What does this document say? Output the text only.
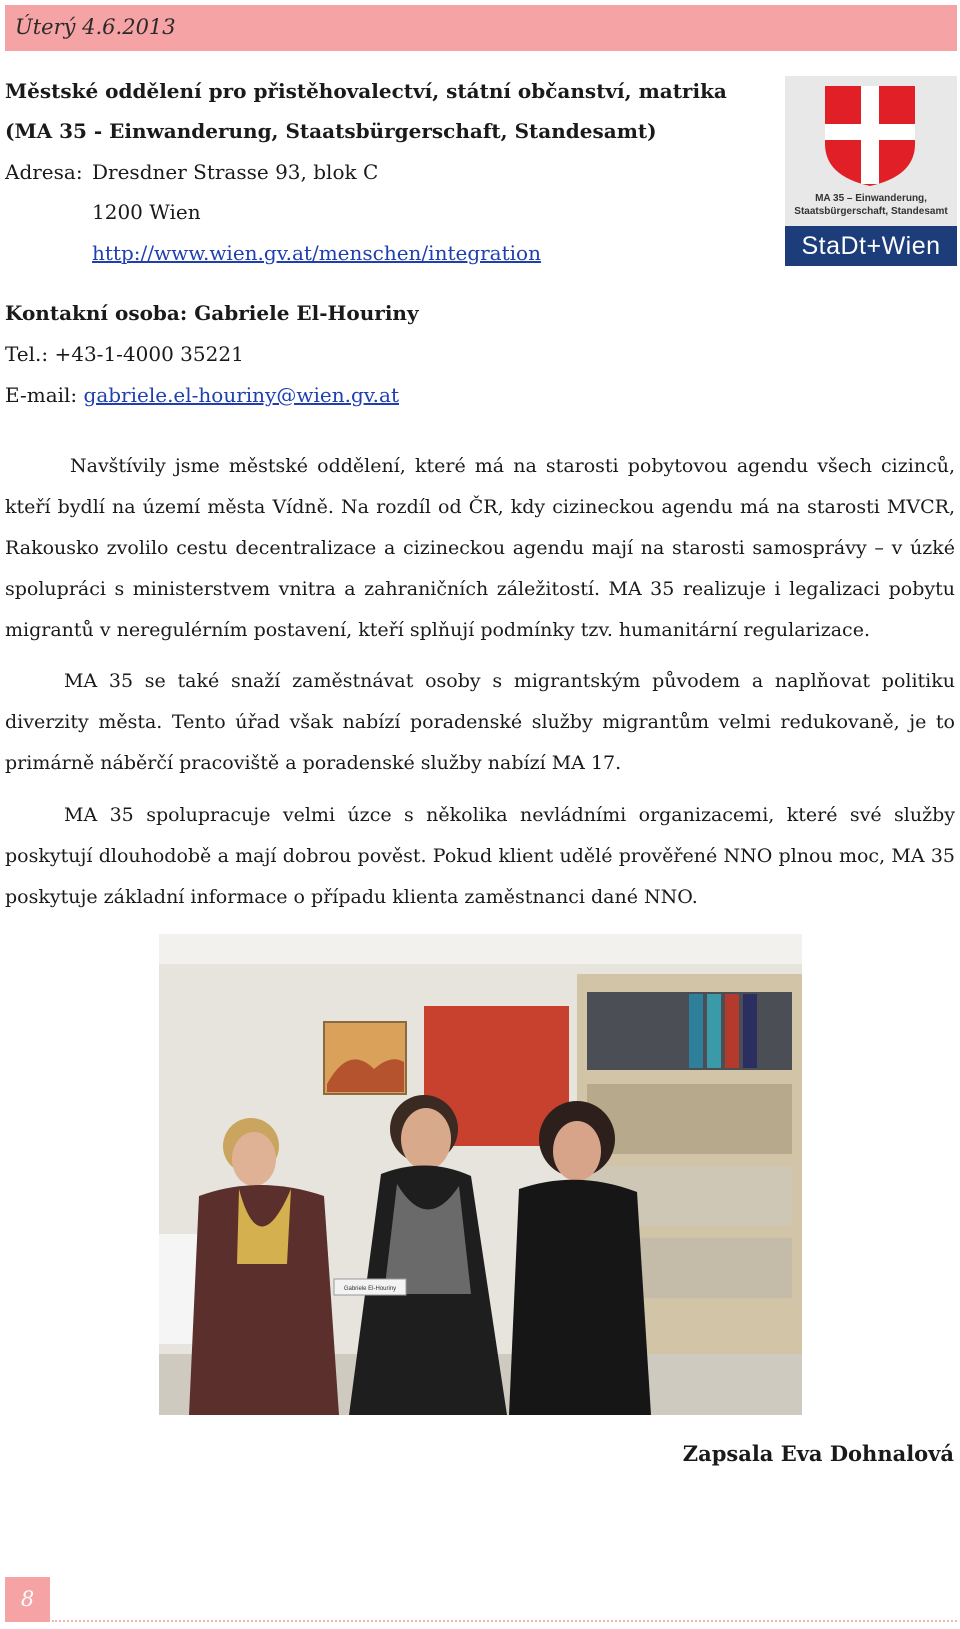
Úterý 4.6.2013
Městské oddělení pro přistěhovalectví, státní občanství, matrika
(MA 35 - Einwanderung, Staatsbürgerschaft, Standesamt)
Adresa: Dresdner Strasse 93, blok C
1200 Wien
http://www.wien.gv.at/menschen/integration
MA 35 – Einwanderung,
Staatsbürgerschaft, Standesamt
StaDt+Wien
Kontakní osoba: Gabriele El-Houriny
Tel.: +43-1-4000 35221
E-mail: gabriele.el-houriny@wien.gv.at

Navštívily jsme městské oddělení, které má na starosti pobytovou agendu všech cizinců, kteří bydlí na území města Vídně. Na rozdíl od ČR, kdy cizineckou agendu má na starosti MVCR, Rakousko zvolilo cestu decentralizace a cizineckou agendu mají na starosti samosprávy – v úzké spolupráci s ministerstvem vnitra a zahraničních záležitostí. MA 35 realizuje i legalizaci pobytu migrantů v neregulérním postavení, kteří splňují podmínky tzv. humanitární regularizace.

MA 35 se také snaží zaměstnávat osoby s migrantským původem a naplňovat politiku diverzity města. Tento úřad však nabízí poradenské služby migrantům velmi redukovaně, je to primárně náběrčí pracoviště a poradenské služby nabízí MA 17.

MA 35 spolupracuje velmi úzce s několika nevládními organizacemi, které své služby poskytují dlouhodobě a mají dobrou pověst. Pokud klient udělé prověřené NNO plnou moc, MA 35 poskytuje základní informace o případu klienta zaměstnanci dané NNO.

Gabriele El-Houriny
Zapsala Eva Dohnalová
8
